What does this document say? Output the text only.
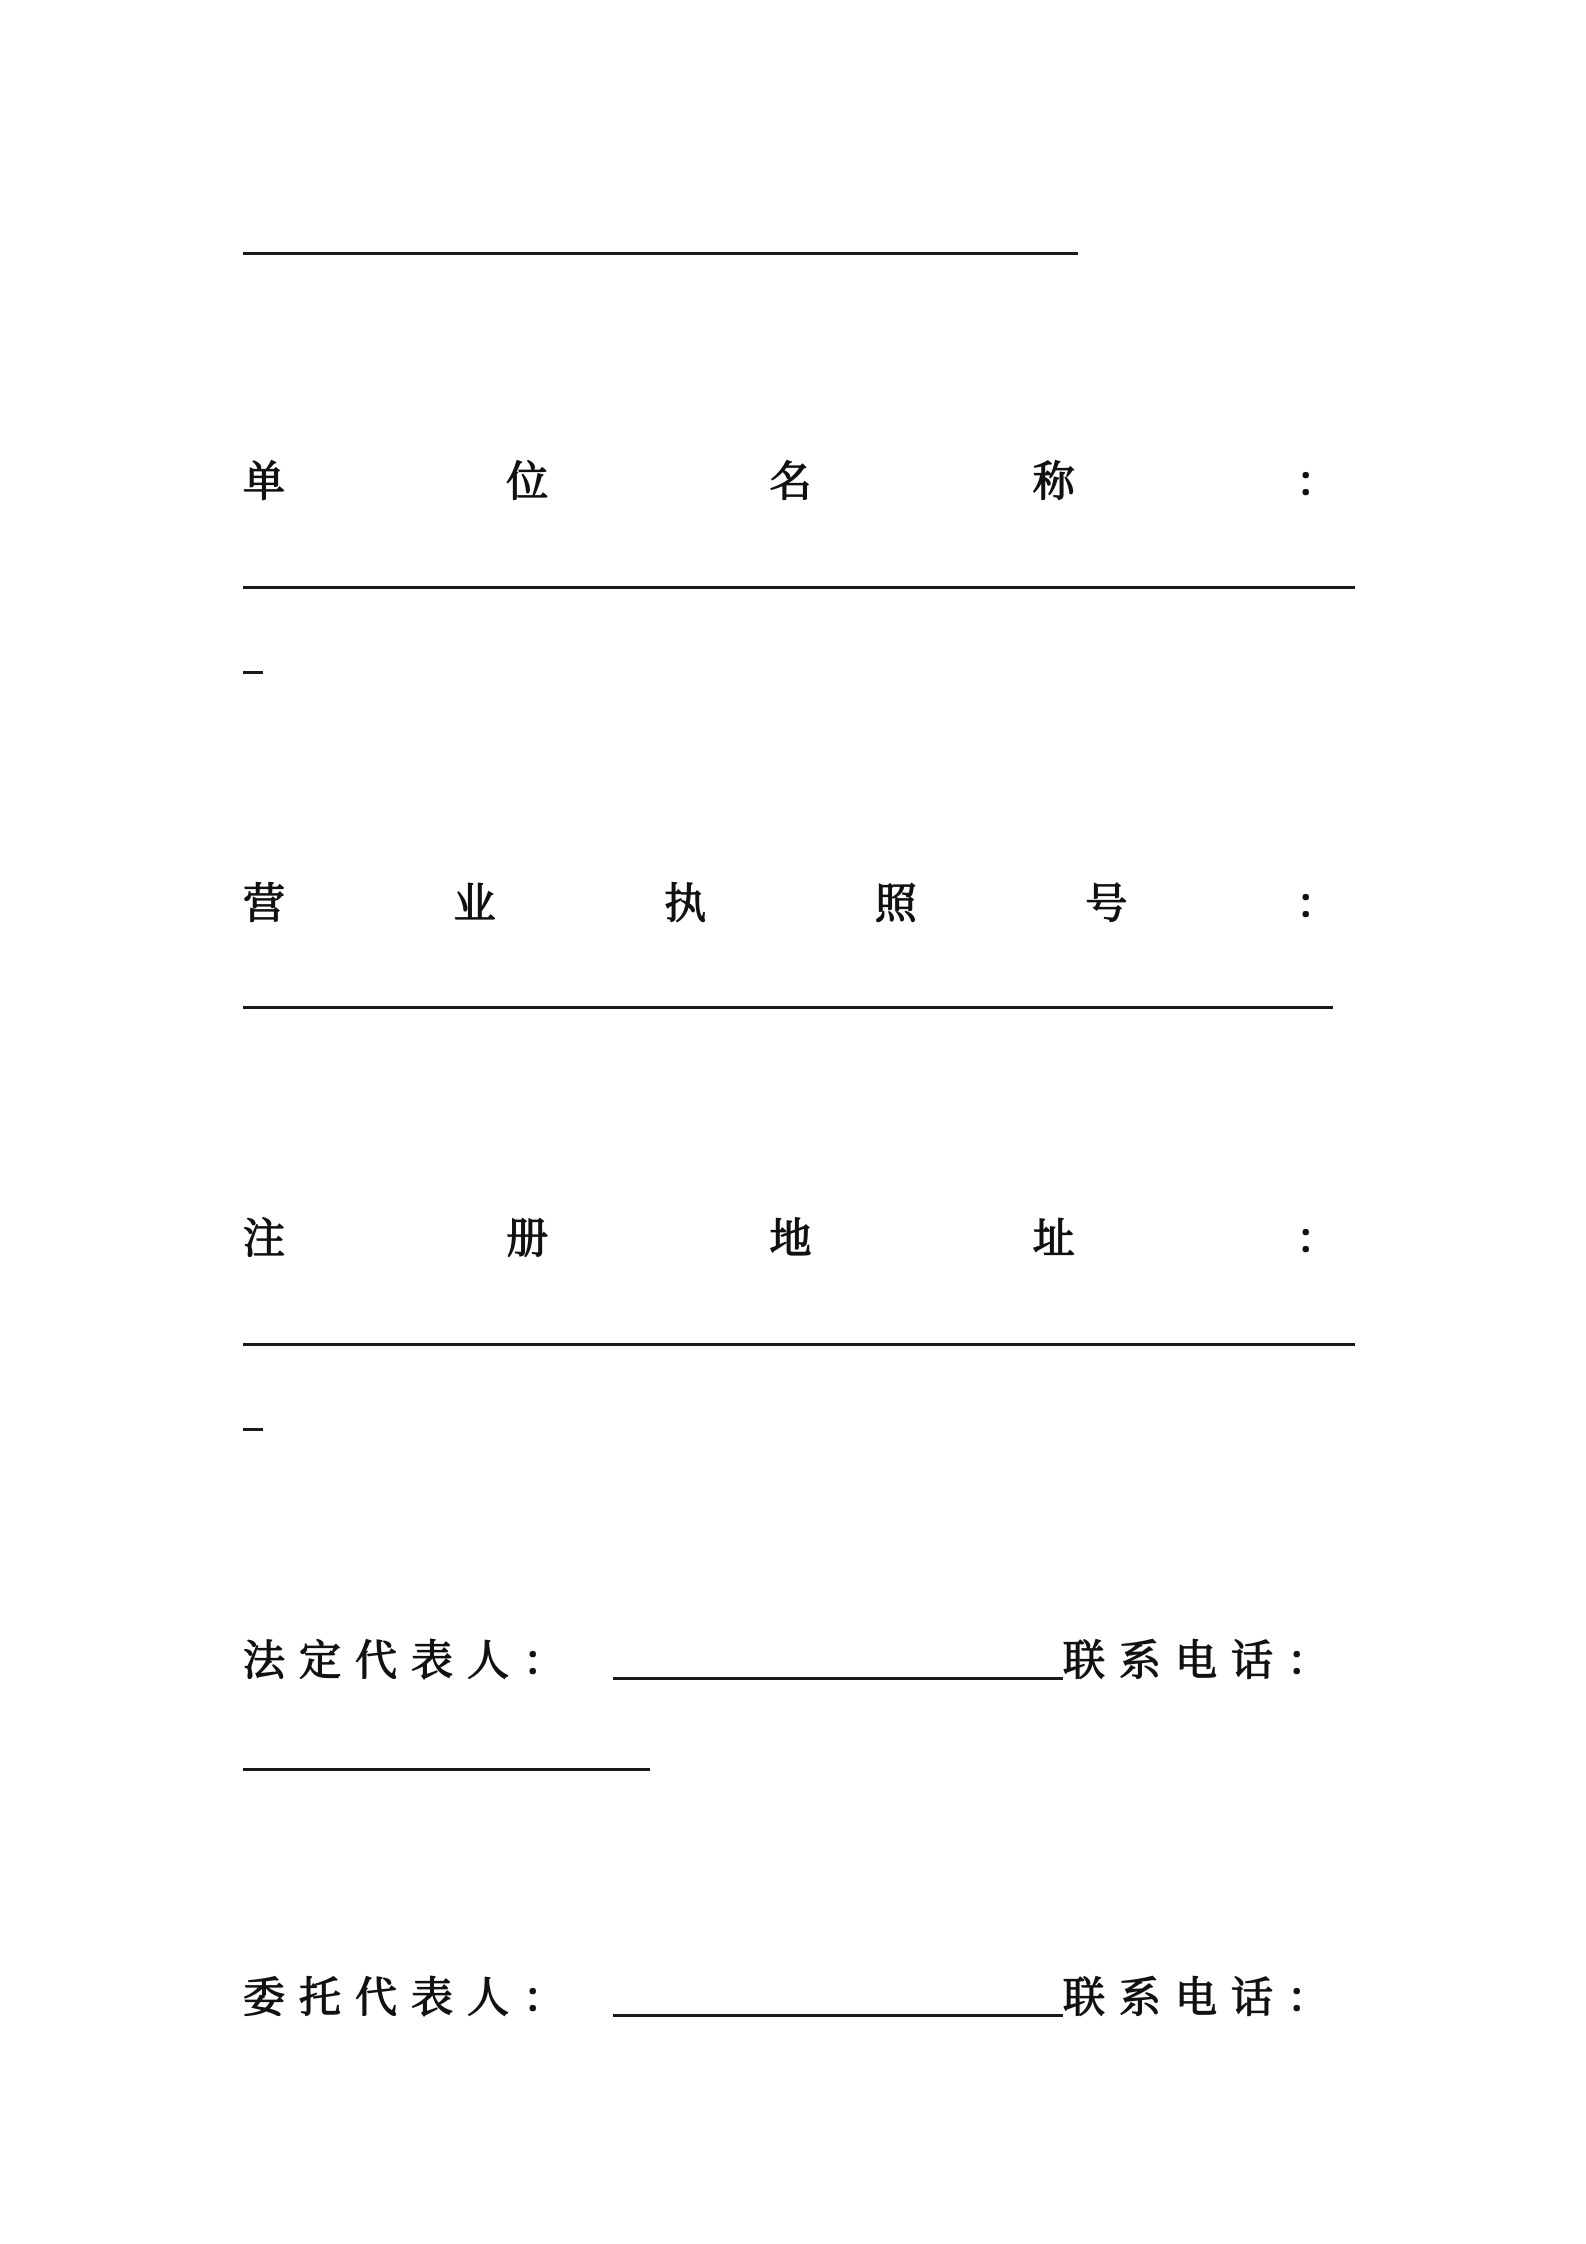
单	位	名	称	：
营	业	执	照	号	：
注	册	地	址	：
法定代表人：	联系电话：
委托代表人：	联系电话：
